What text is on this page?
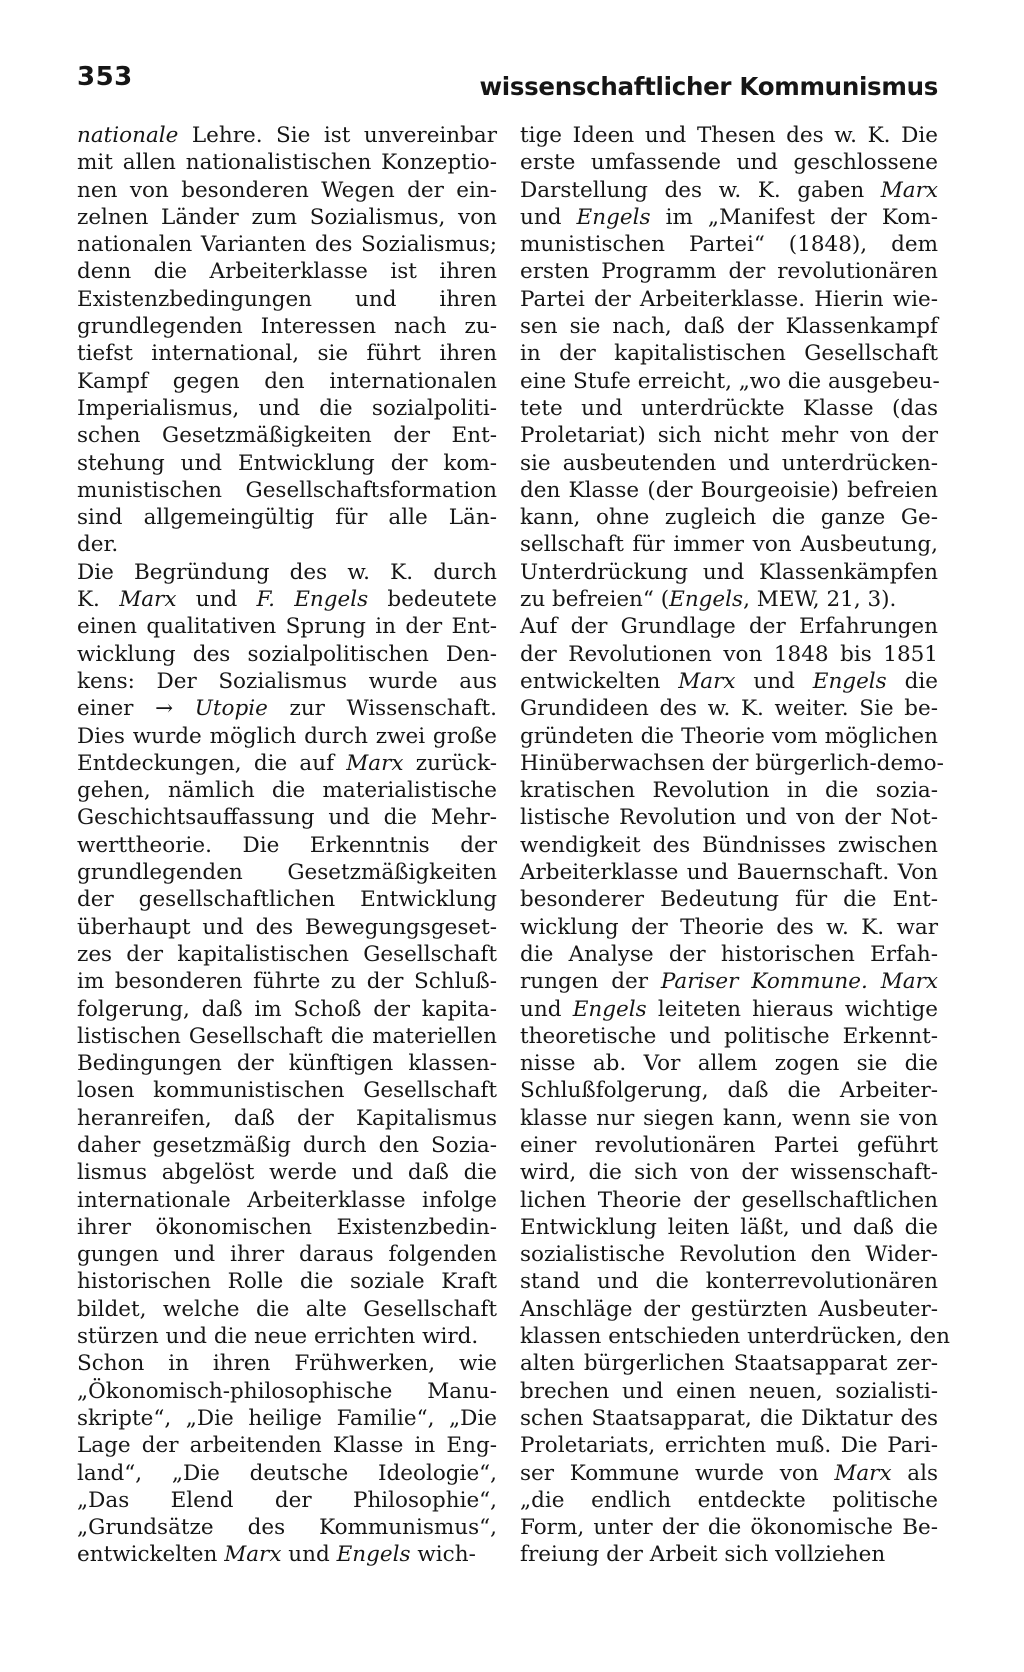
353	wissenschaftlicher Kommunismus

nationale Lehre. Sie ist unvereinbar
mit allen nationalistischen Konzeptio-
nen von besonderen Wegen der ein-
zelnen Länder zum Sozialismus, von
nationalen Varianten des Sozialismus;
denn die Arbeiterklasse ist ihren
Existenzbedingungen und ihren
grundlegenden Interessen nach zu-
tiefst international, sie führt ihren
Kampf gegen den internationalen
Imperialismus, und die sozialpoliti-
schen Gesetzmäßigkeiten der Ent-
stehung und Entwicklung der kom-
munistischen Gesellschaftsformation
sind allgemeingültig für alle Län-
der.

Die Begründung des w. K. durch
K. Marx und F. Engels bedeutete
einen qualitativen Sprung in der Ent-
wicklung des sozialpolitischen Den-
kens: Der Sozialismus wurde aus
einer → Utopie zur Wissenschaft.
Dies wurde möglich durch zwei große
Entdeckungen, die auf Marx zurück-
gehen, nämlich die materialistische
Geschichtsauffassung und die Mehr-
werttheorie. Die Erkenntnis der
grundlegenden Gesetzmäßigkeiten
der gesellschaftlichen Entwicklung
überhaupt und des Bewegungsgeset-
zes der kapitalistischen Gesellschaft
im besonderen führte zu der Schluß-
folgerung, daß im Schoß der kapita-
listischen Gesellschaft die materiellen
Bedingungen der künftigen klassen-
losen kommunistischen Gesellschaft
heranreifen, daß der Kapitalismus
daher gesetzmäßig durch den Sozia-
lismus abgelöst werde und daß die
internationale Arbeiterklasse infolge
ihrer ökonomischen Existenzbedin-
gungen und ihrer daraus folgenden
historischen Rolle die soziale Kraft
bildet, welche die alte Gesellschaft
stürzen und die neue errichten wird.

Schon in ihren Frühwerken, wie
„Ökonomisch-philosophische Manu-
skripte“, „Die heilige Familie“, „Die
Lage der arbeitenden Klasse in Eng-
land“, „Die deutsche Ideologie“,
„Das Elend der Philosophie“,
„Grundsätze des Kommunismus“,
entwickelten Marx und Engels wich-

tige Ideen und Thesen des w. K. Die
erste umfassende und geschlossene
Darstellung des w. K. gaben Marx
und Engels im „Manifest der Kom-
munistischen Partei“ (1848), dem
ersten Programm der revolutionären
Partei der Arbeiterklasse. Hierin wie-
sen sie nach, daß der Klassenkampf
in der kapitalistischen Gesellschaft
eine Stufe erreicht, „wo die ausgebeu-
tete und unterdrückte Klasse (das
Proletariat) sich nicht mehr von der
sie ausbeutenden und unterdrücken-
den Klasse (der Bourgeoisie) befreien
kann, ohne zugleich die ganze Ge-
sellschaft für immer von Ausbeutung,
Unterdrückung und Klassenkämpfen
zu befreien“ (Engels, MEW, 21, 3).

Auf der Grundlage der Erfahrungen
der Revolutionen von 1848 bis 1851
entwickelten Marx und Engels die
Grundideen des w. K. weiter. Sie be-
gründeten die Theorie vom möglichen
Hinüberwachsen der bürgerlich-demo-
kratischen Revolution in die sozia-
listische Revolution und von der Not-
wendigkeit des Bündnisses zwischen
Arbeiterklasse und Bauernschaft. Von
besonderer Bedeutung für die Ent-
wicklung der Theorie des w. K. war
die Analyse der historischen Erfah-
rungen der Pariser Kommune. Marx
und Engels leiteten hieraus wichtige
theoretische und politische Erkennt-
nisse ab. Vor allem zogen sie die
Schlußfolgerung, daß die Arbeiter-
klasse nur siegen kann, wenn sie von
einer revolutionären Partei geführt
wird, die sich von der wissenschaft-
lichen Theorie der gesellschaftlichen
Entwicklung leiten läßt, und daß die
sozialistische Revolution den Wider-
stand und die konterrevolutionären
Anschläge der gestürzten Ausbeuter-
klassen entschieden unterdrücken, den
alten bürgerlichen Staatsapparat zer-
brechen und einen neuen, sozialisti-
schen Staatsapparat, die Diktatur des
Proletariats, errichten muß. Die Pari-
ser Kommune wurde von Marx als
„die endlich entdeckte politische
Form, unter der die ökonomische Be-
freiung der Arbeit sich vollziehen
